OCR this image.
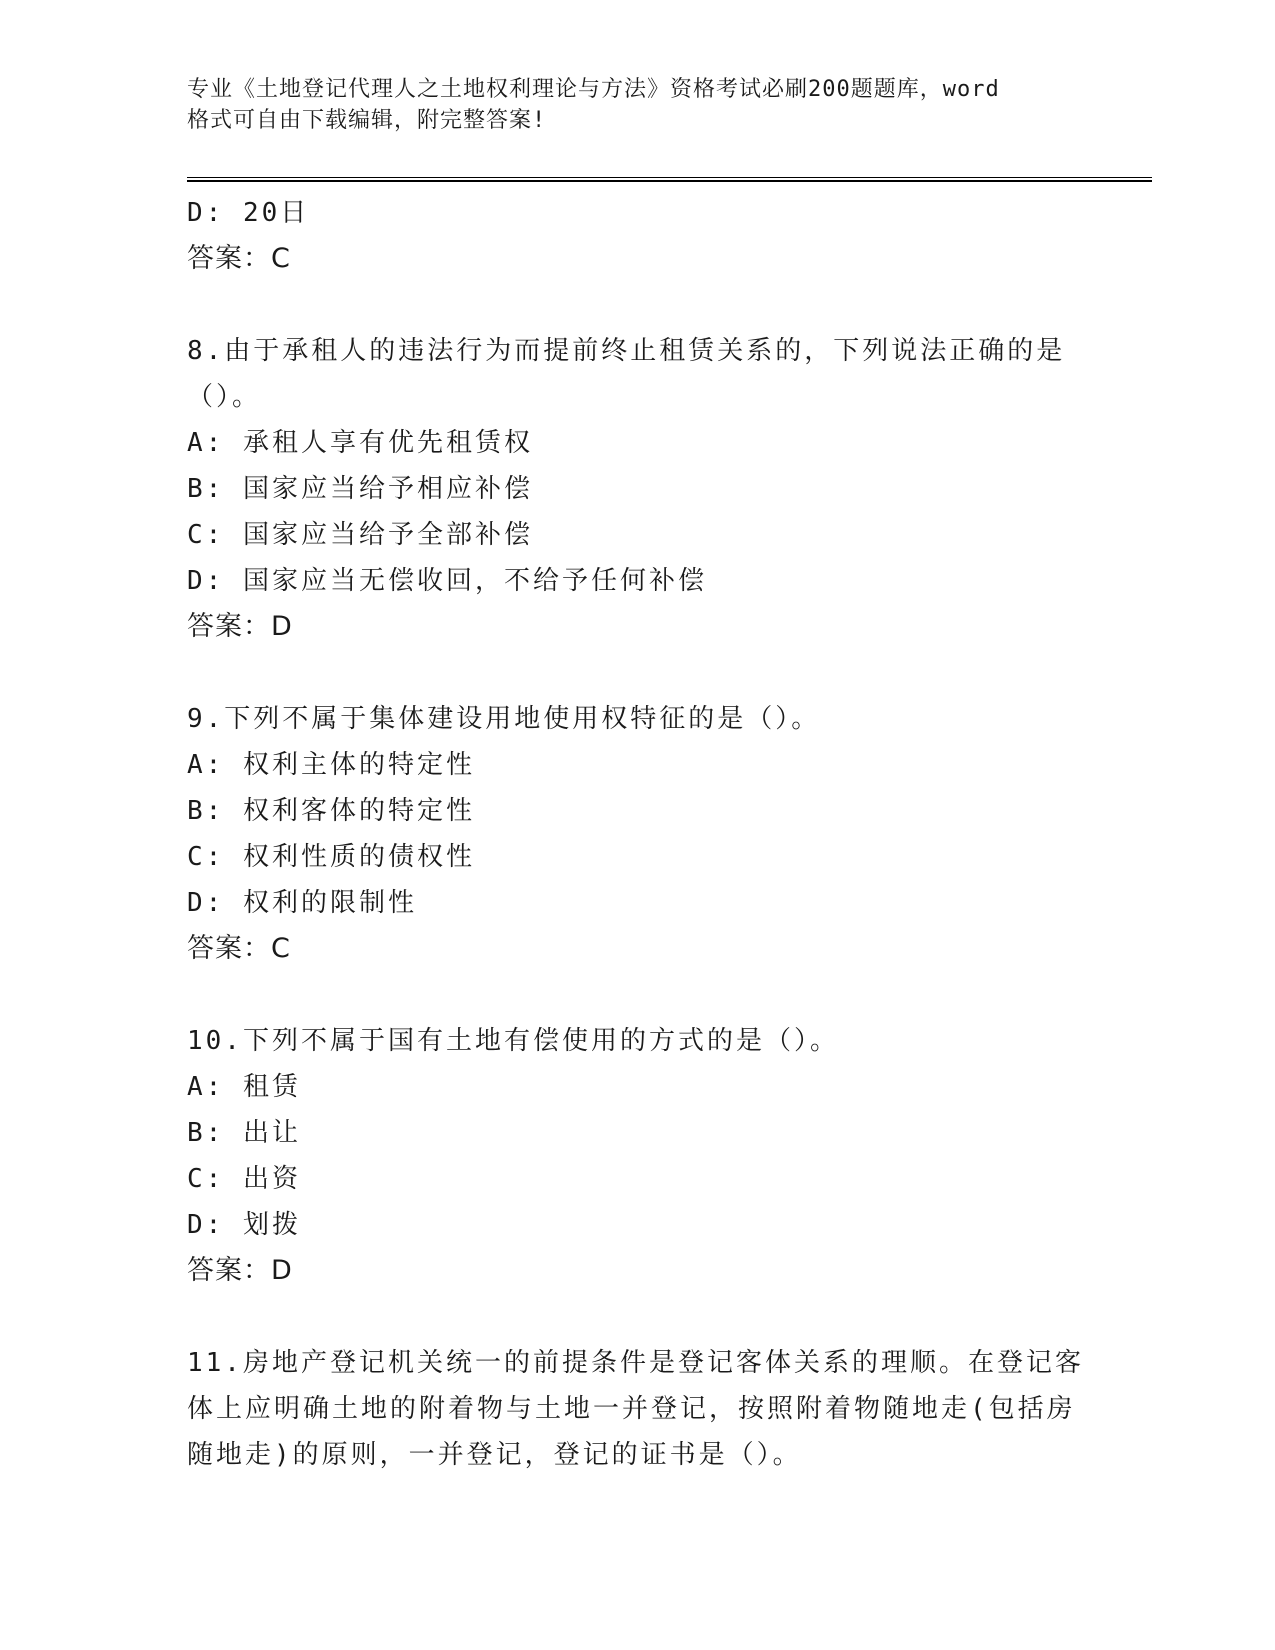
专业《土地登记代理人之土地权利理论与方法》资格考试必刷200题题库，word
格式可自由下载编辑，附完整答案!
D: 20日
答案：C
8.由于承租人的违法行为而提前终止租赁关系的，下列说法正确的是
（）。
A: 承租人享有优先租赁权
B: 国家应当给予相应补偿
C: 国家应当给予全部补偿
D: 国家应当无偿收回，不给予任何补偿
答案：D
9.下列不属于集体建设用地使用权特征的是（）。
A: 权利主体的特定性
B: 权利客体的特定性
C: 权利性质的债权性
D: 权利的限制性
答案：C
10.下列不属于国有土地有偿使用的方式的是（）。
A: 租赁
B: 出让
C: 出资
D: 划拨
答案：D
11.房地产登记机关统一的前提条件是登记客体关系的理顺。在登记客
体上应明确土地的附着物与土地一并登记，按照附着物随地走(包括房
随地走)的原则，一并登记，登记的证书是（）。
